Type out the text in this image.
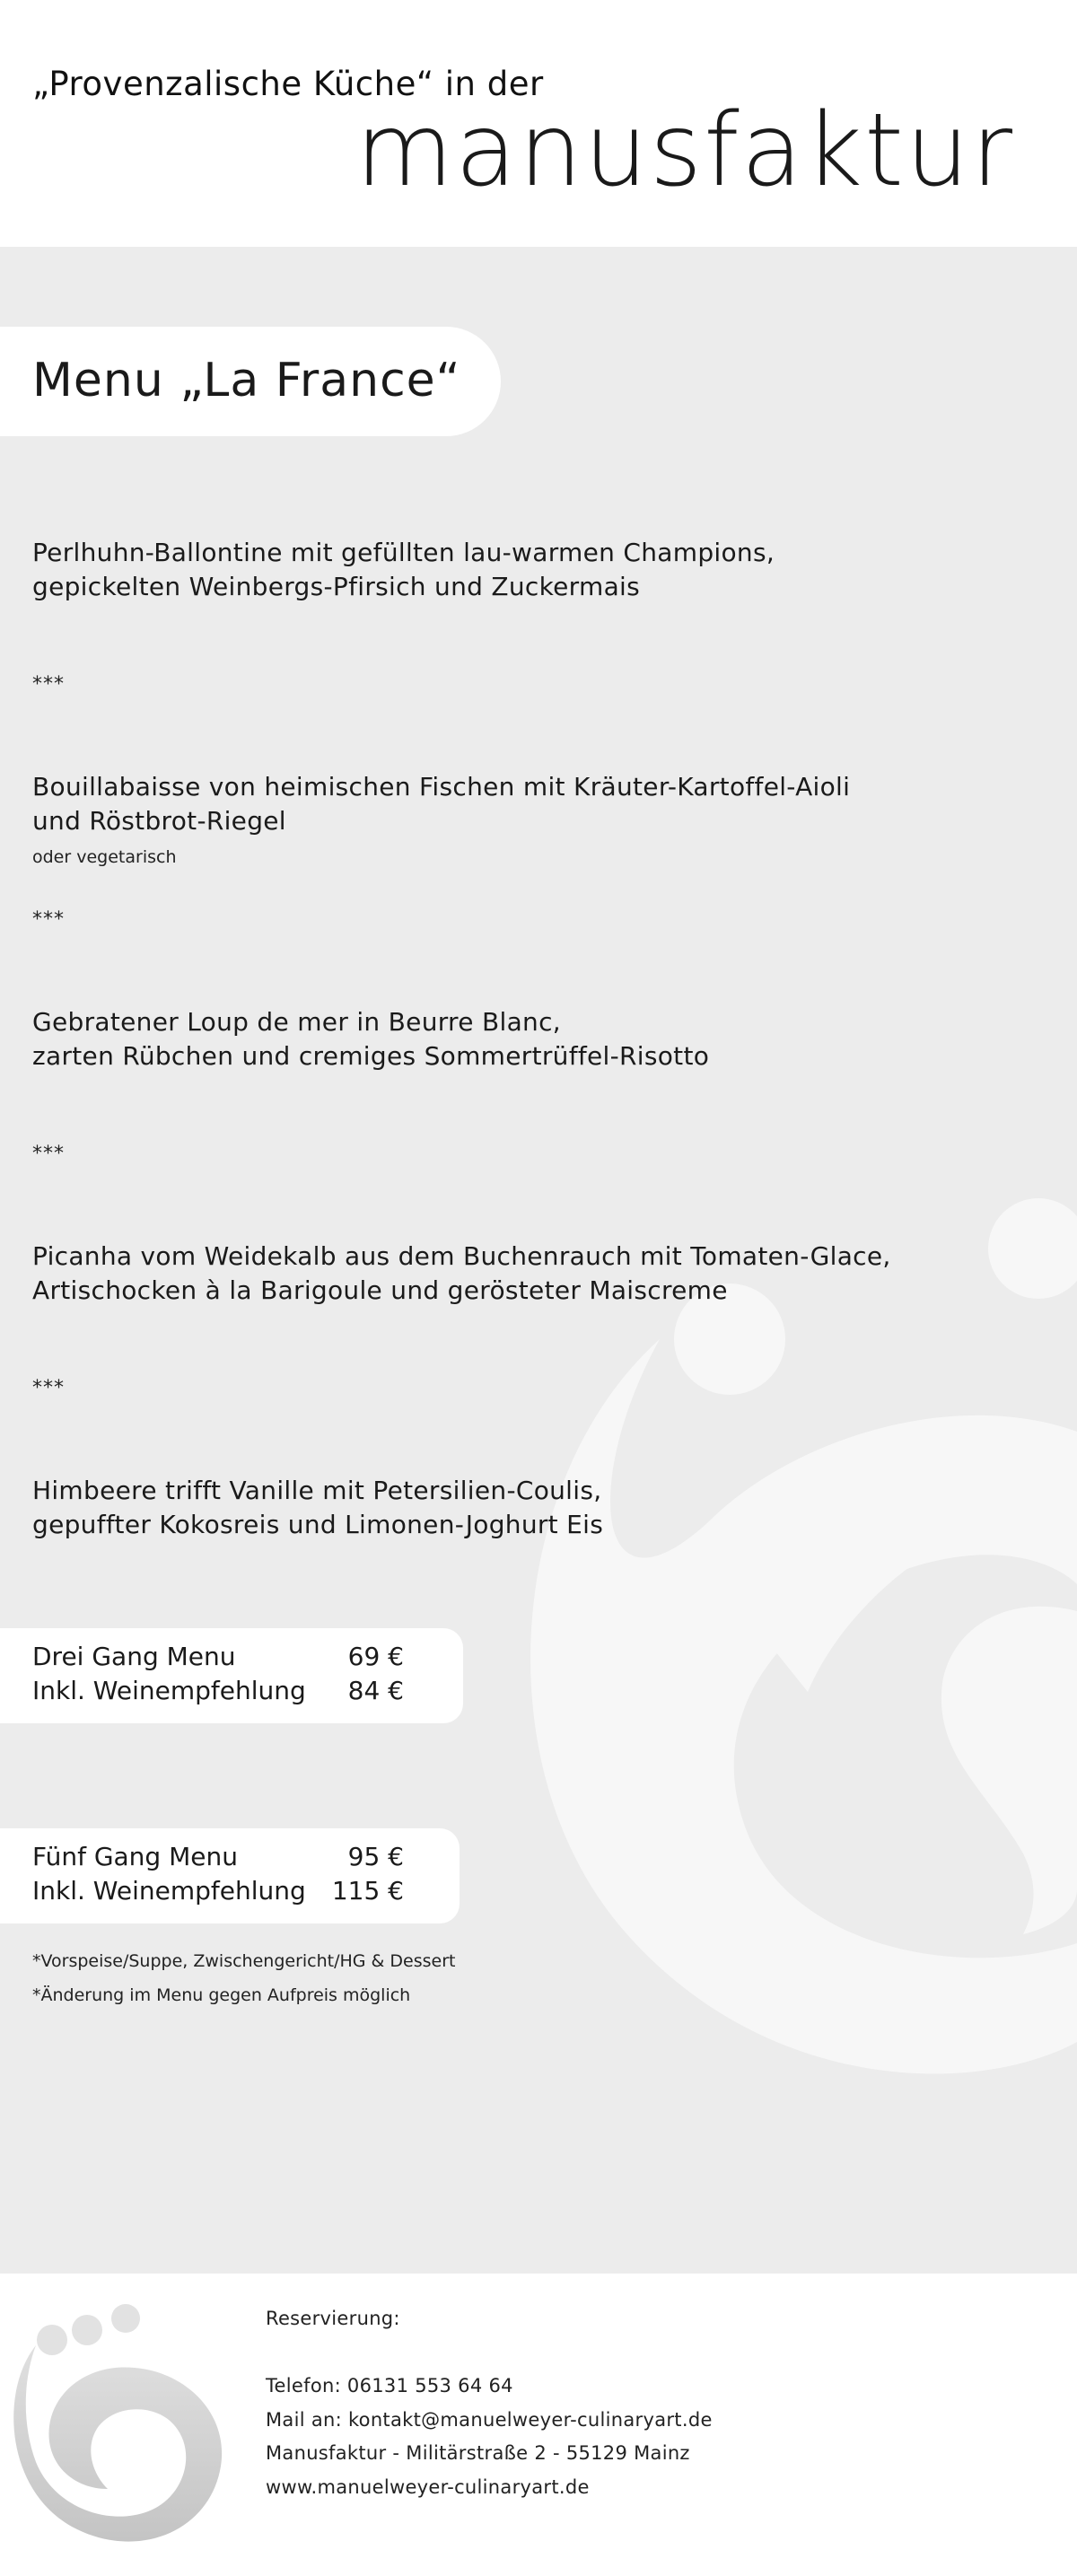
„Provenzalische Küche“ in der
manusfaktur
Menu „La France“
Perlhuhn-Ballontine mit gefüllten lau-warmen Champions,
gepickelten Weinbergs-Pfirsich und Zuckermais
***
Bouillabaisse von heimischen Fischen mit Kräuter-Kartoffel-Aioli
und Röstbrot-Riegel
oder vegetarisch
***
Gebratener Loup de mer in Beurre Blanc,
zarten Rübchen und cremiges Sommertrüffel-Risotto
***
Picanha vom Weidekalb aus dem Buchenrauch mit Tomaten-Glace,
Artischocken à la Barigoule und gerösteter Maiscreme
***
Himbeere trifft Vanille mit Petersilien-Coulis,
gepuffter Kokosreis und Limonen-Joghurt Eis
Drei Gang Menu	69 €
Inkl. Weinempfehlung	84 €
Fünf Gang Menu	95 €
Inkl. Weinempfehlung	115 €
*Vorspeise/Suppe, Zwischengericht/HG & Dessert
*Änderung im Menu gegen Aufpreis möglich
Reservierung:
Telefon: 06131 553 64 64
Mail an: kontakt@manuelweyer-culinaryart.de
Manusfaktur - Militärstraße 2 - 55129 Mainz
www.manuelweyer-culinaryart.de
